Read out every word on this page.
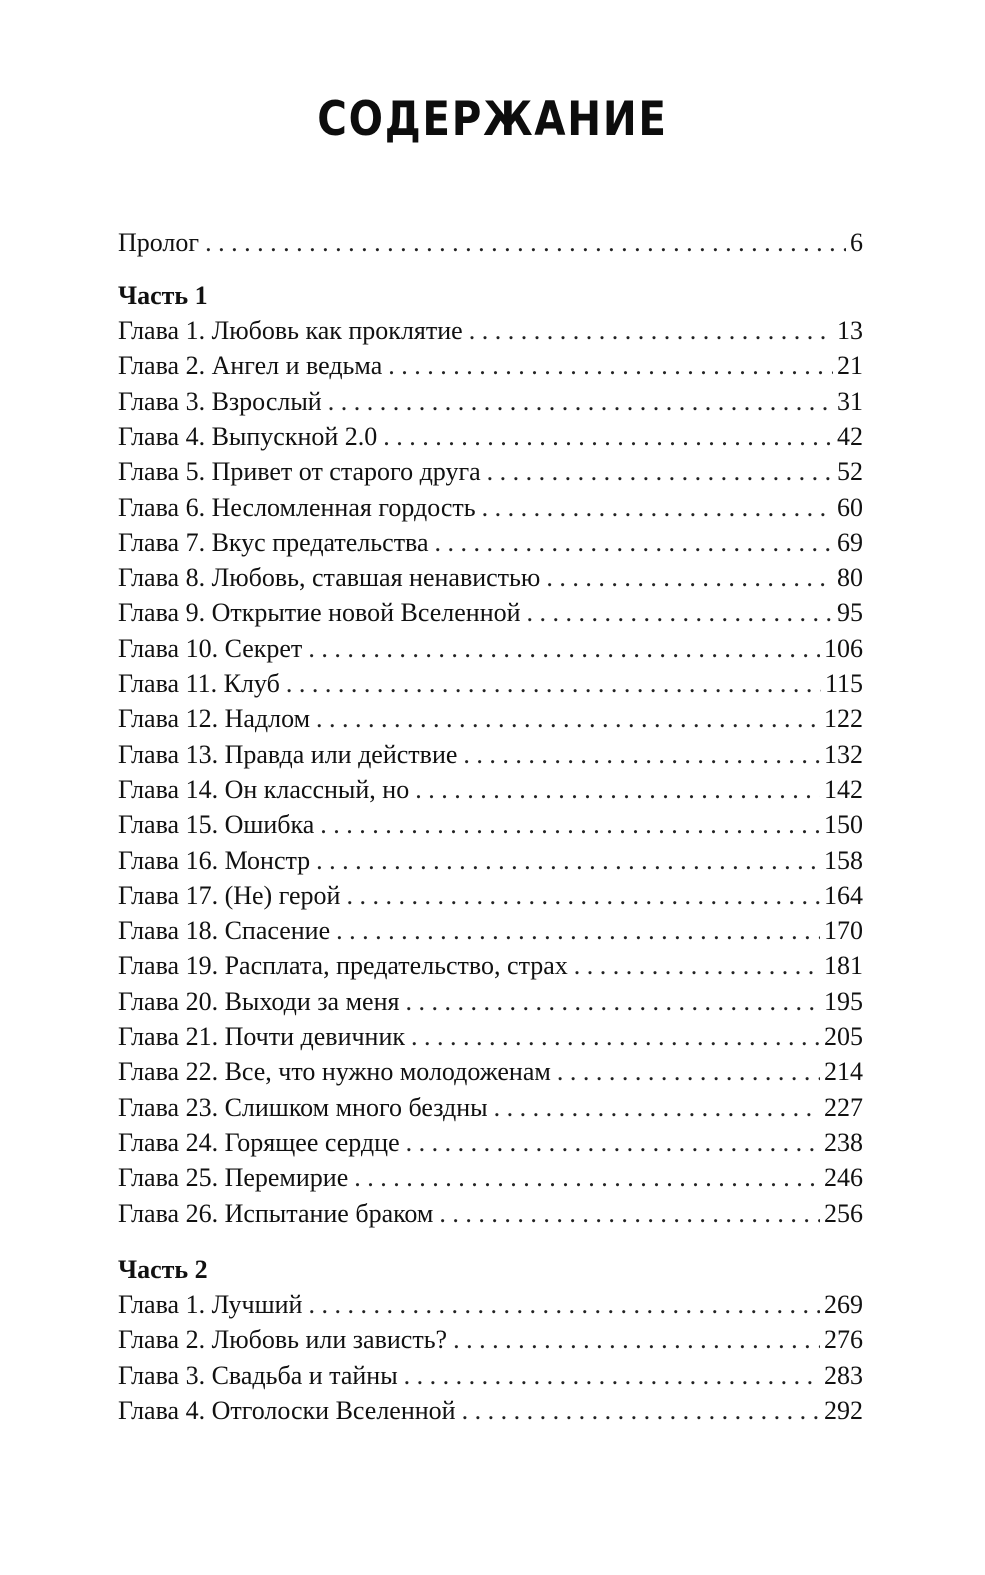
СОДЕРЖАНИЕ
Пролог . . .	6
Часть 1
Глава 1. Любовь как проклятие . . .	13
Глава 2. Ангел и ведьма . . .	21
Глава 3. Взрослый . . .	31
Глава 4. Выпускной 2.0 . . .	42
Глава 5. Привет от старого друга . . .	52
Глава 6. Несломленная гордость . . .	60
Глава 7. Вкус предательства . . .	69
Глава 8. Любовь, ставшая ненавистью . . .	80
Глава 9. Открытие новой Вселенной . . .	95
Глава 10. Секрет . . .	106
Глава 11. Клуб . . .	115
Глава 12. Надлом . . .	122
Глава 13. Правда или действие . . .	132
Глава 14. Он классный, но . . .	142
Глава 15. Ошибка . . .	150
Глава 16. Монстр . . .	158
Глава 17. (Не) герой . . .	164
Глава 18. Спасение . . .	170
Глава 19. Расплата, предательство, страх . . .	181
Глава 20. Выходи за меня . . .	195
Глава 21. Почти девичник . . .	205
Глава 22. Все, что нужно молодоженам . . .	214
Глава 23. Слишком много бездны . . .	227
Глава 24. Горящее сердце . . .	238
Глава 25. Перемирие . . .	246
Глава 26. Испытание браком . . .	256
Часть 2
Глава 1. Лучший . . .	269
Глава 2. Любовь или зависть? . . .	276
Глава 3. Свадьба и тайны . . .	283
Глава 4. Отголоски Вселенной . . .	292
